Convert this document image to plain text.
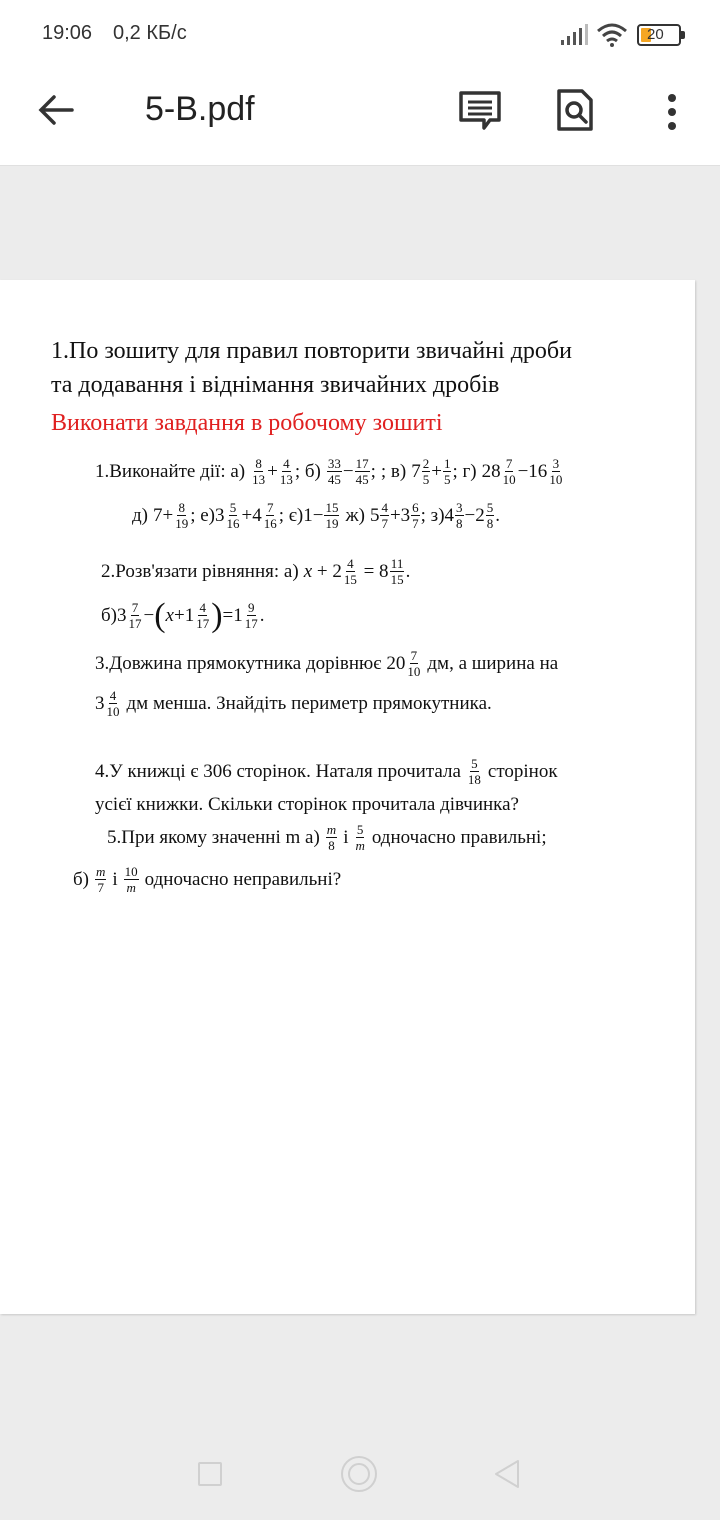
19:06 0,2 КБ/с	20
5-В.pdf
1.По зошиту для правил повторити звичайні дроби
та додавання і віднімання звичайних дробів
Виконати завдання в робочому зошиті
1.Виконайте дії: $а) \frac{8}{13} + \frac{4}{13}$ ; $б) \frac{33}{45} - \frac{17}{45}$ ; ; в) $7 \frac{2}{5} + \frac{1}{5}$ ; г) $28 \frac{7}{10} -16 \frac{3}{10}$
д) $7+ \frac{8}{19}$ ; е) $3 \frac{5}{16} +4 \frac{7}{16}$ ; є) $1- \frac{15}{19} ж$) $5 \frac{4}{7} +3 \frac{6}{7}$ ; з) $4 \frac{3}{8} -2 \frac{5}{8}$ .
2.Розв'язати рівняння: а) $x + 2 \frac{4}{15} = 8 \frac{11}{15}$ .
б) $3 \frac{7}{17}$ − ( $x +1 \frac{4}{17}$ ) $=1 \frac{9}{17}$ .
3.Довжина прямокутника дорівнює $20 \frac{7}{10}$ дм, а ширина на
$3 \frac{4}{10}$ дм менша. Знайдіть периметр прямокутника.
4.У книжці є 306 сторінок. Наталя прочитала $\frac{5}{18}$ сторінок
усієї книжки. Скільки сторінок прочитала дівчинка?
5.При якому значенні m $а) \frac{m}{8}$ і $\frac{5}{m}$ одночасно правильні;
$б) \frac{m}{7}$ і $\frac{10}{m}$ одночасно неправильні?
